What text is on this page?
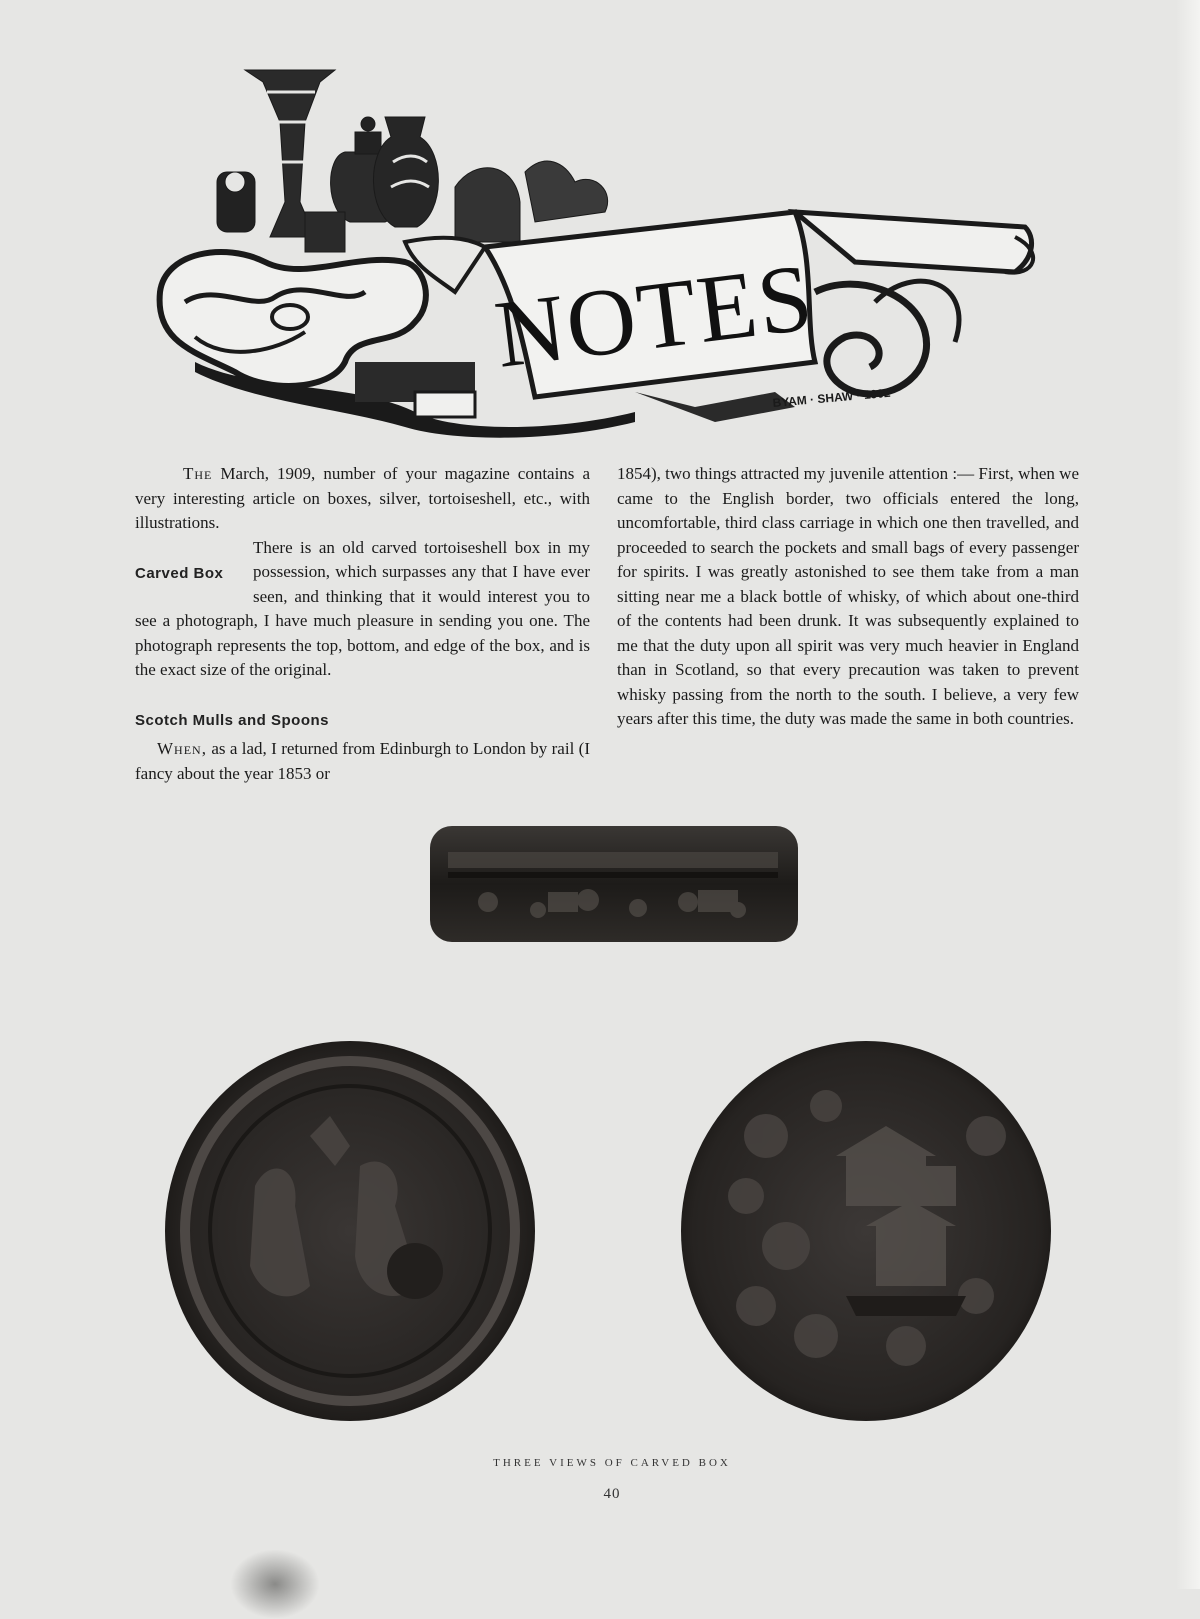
NOTES
BYAM · SHAW · 1902

The March, 1909, number of your magazine contains a very interesting article on boxes, silver, tortoiseshell, etc., with illustrations.

Carved Box

There is an old carved tortoiseshell box in my possession, which surpasses any that I have ever seen, and thinking that it would interest you to see a photograph, I have much pleasure in sending you one. The photograph represents the top, bottom, and edge of the box, and is the exact size of the original.

Scotch Mulls and Spoons

When, as a lad, I returned from Edinburgh to London by rail (I fancy about the year 1853 or

1854), two things attracted my juvenile attention :— First, when we came to the English border, two officials entered the long, uncomfortable, third class carriage in which one then travelled, and proceeded to search the pockets and small bags of every passenger for spirits. I was greatly astonished to see them take from a man sitting near me a black bottle of whisky, of which about one-third of the contents had been drunk. It was subsequently explained to me that the duty upon all spirit was very much heavier in England than in Scotland, so that every precaution was taken to prevent whisky passing from the north to the south. I believe, a very few years after this time, the duty was made the same in both countries.

THREE VIEWS OF CARVED BOX
40
